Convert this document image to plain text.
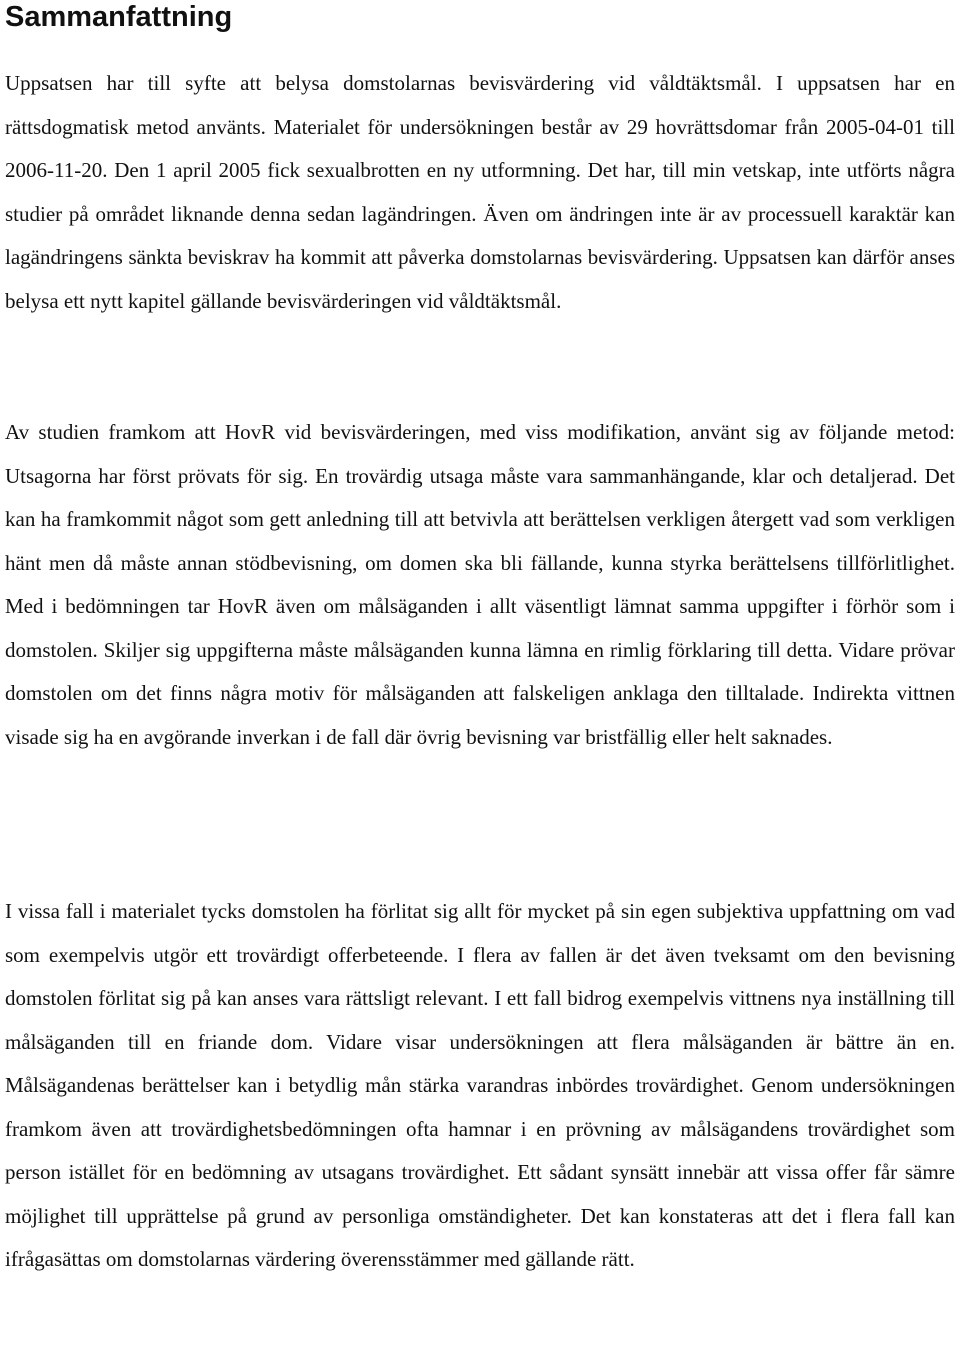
Sammanfattning

Uppsatsen har till syfte att belysa domstolarnas bevisvärdering vid våldtäktsmål. I uppsatsen har en rättsdogmatisk metod använts. Materialet för undersökningen består av 29 hovrättsdomar från 2005-04-01 till 2006-11-20. Den 1 april 2005 fick sexualbrotten en ny utformning. Det har, till min vetskap, inte utförts några studier på området liknande denna sedan lagändringen. Även om ändringen inte är av processuell karaktär kan lagändringens sänkta beviskrav ha kommit att påverka domstolarnas bevisvärdering. Uppsatsen kan därför anses belysa ett nytt kapitel gällande bevisvärderingen vid våldtäktsmål.

Av studien framkom att HovR vid bevisvärderingen, med viss modifikation, använt sig av följande metod: Utsagorna har först prövats för sig. En trovärdig utsaga måste vara sammanhängande, klar och detaljerad. Det kan ha framkommit något som gett anledning till att betvivla att berättelsen verkligen återgett vad som verkligen hänt men då måste annan stödbevisning, om domen ska bli fällande, kunna styrka berättelsens tillförlitlighet. Med i bedömningen tar HovR även om målsäganden i allt väsentligt lämnat samma uppgifter i förhör som i domstolen. Skiljer sig uppgifterna måste målsäganden kunna lämna en rimlig förklaring till detta. Vidare prövar domstolen om det finns några motiv för målsäganden att falskeligen anklaga den tilltalade. Indirekta vittnen visade sig ha en avgörande inverkan i de fall där övrig bevisning var bristfällig eller helt saknades.

I vissa fall i materialet tycks domstolen ha förlitat sig allt för mycket på sin egen subjektiva uppfattning om vad som exempelvis utgör ett trovärdigt offerbeteende. I flera av fallen är det även tveksamt om den bevisning domstolen förlitat sig på kan anses vara rättsligt relevant. I ett fall bidrog exempelvis vittnens nya inställning till målsäganden till en friande dom. Vidare visar undersökningen att flera målsäganden är bättre än en. Målsägandenas berättelser kan i betydlig mån stärka varandras inbördes trovärdighet. Genom undersökningen framkom även att trovärdighetsbedömningen ofta hamnar i en prövning av målsägandens trovärdighet som person istället för en bedömning av utsagans trovärdighet. Ett sådant synsätt innebär att vissa offer får sämre möjlighet till upprättelse på grund av personliga omständigheter. Det kan konstateras att det i flera fall kan ifrågasättas om domstolarnas värdering överensstämmer med gällande rätt.
